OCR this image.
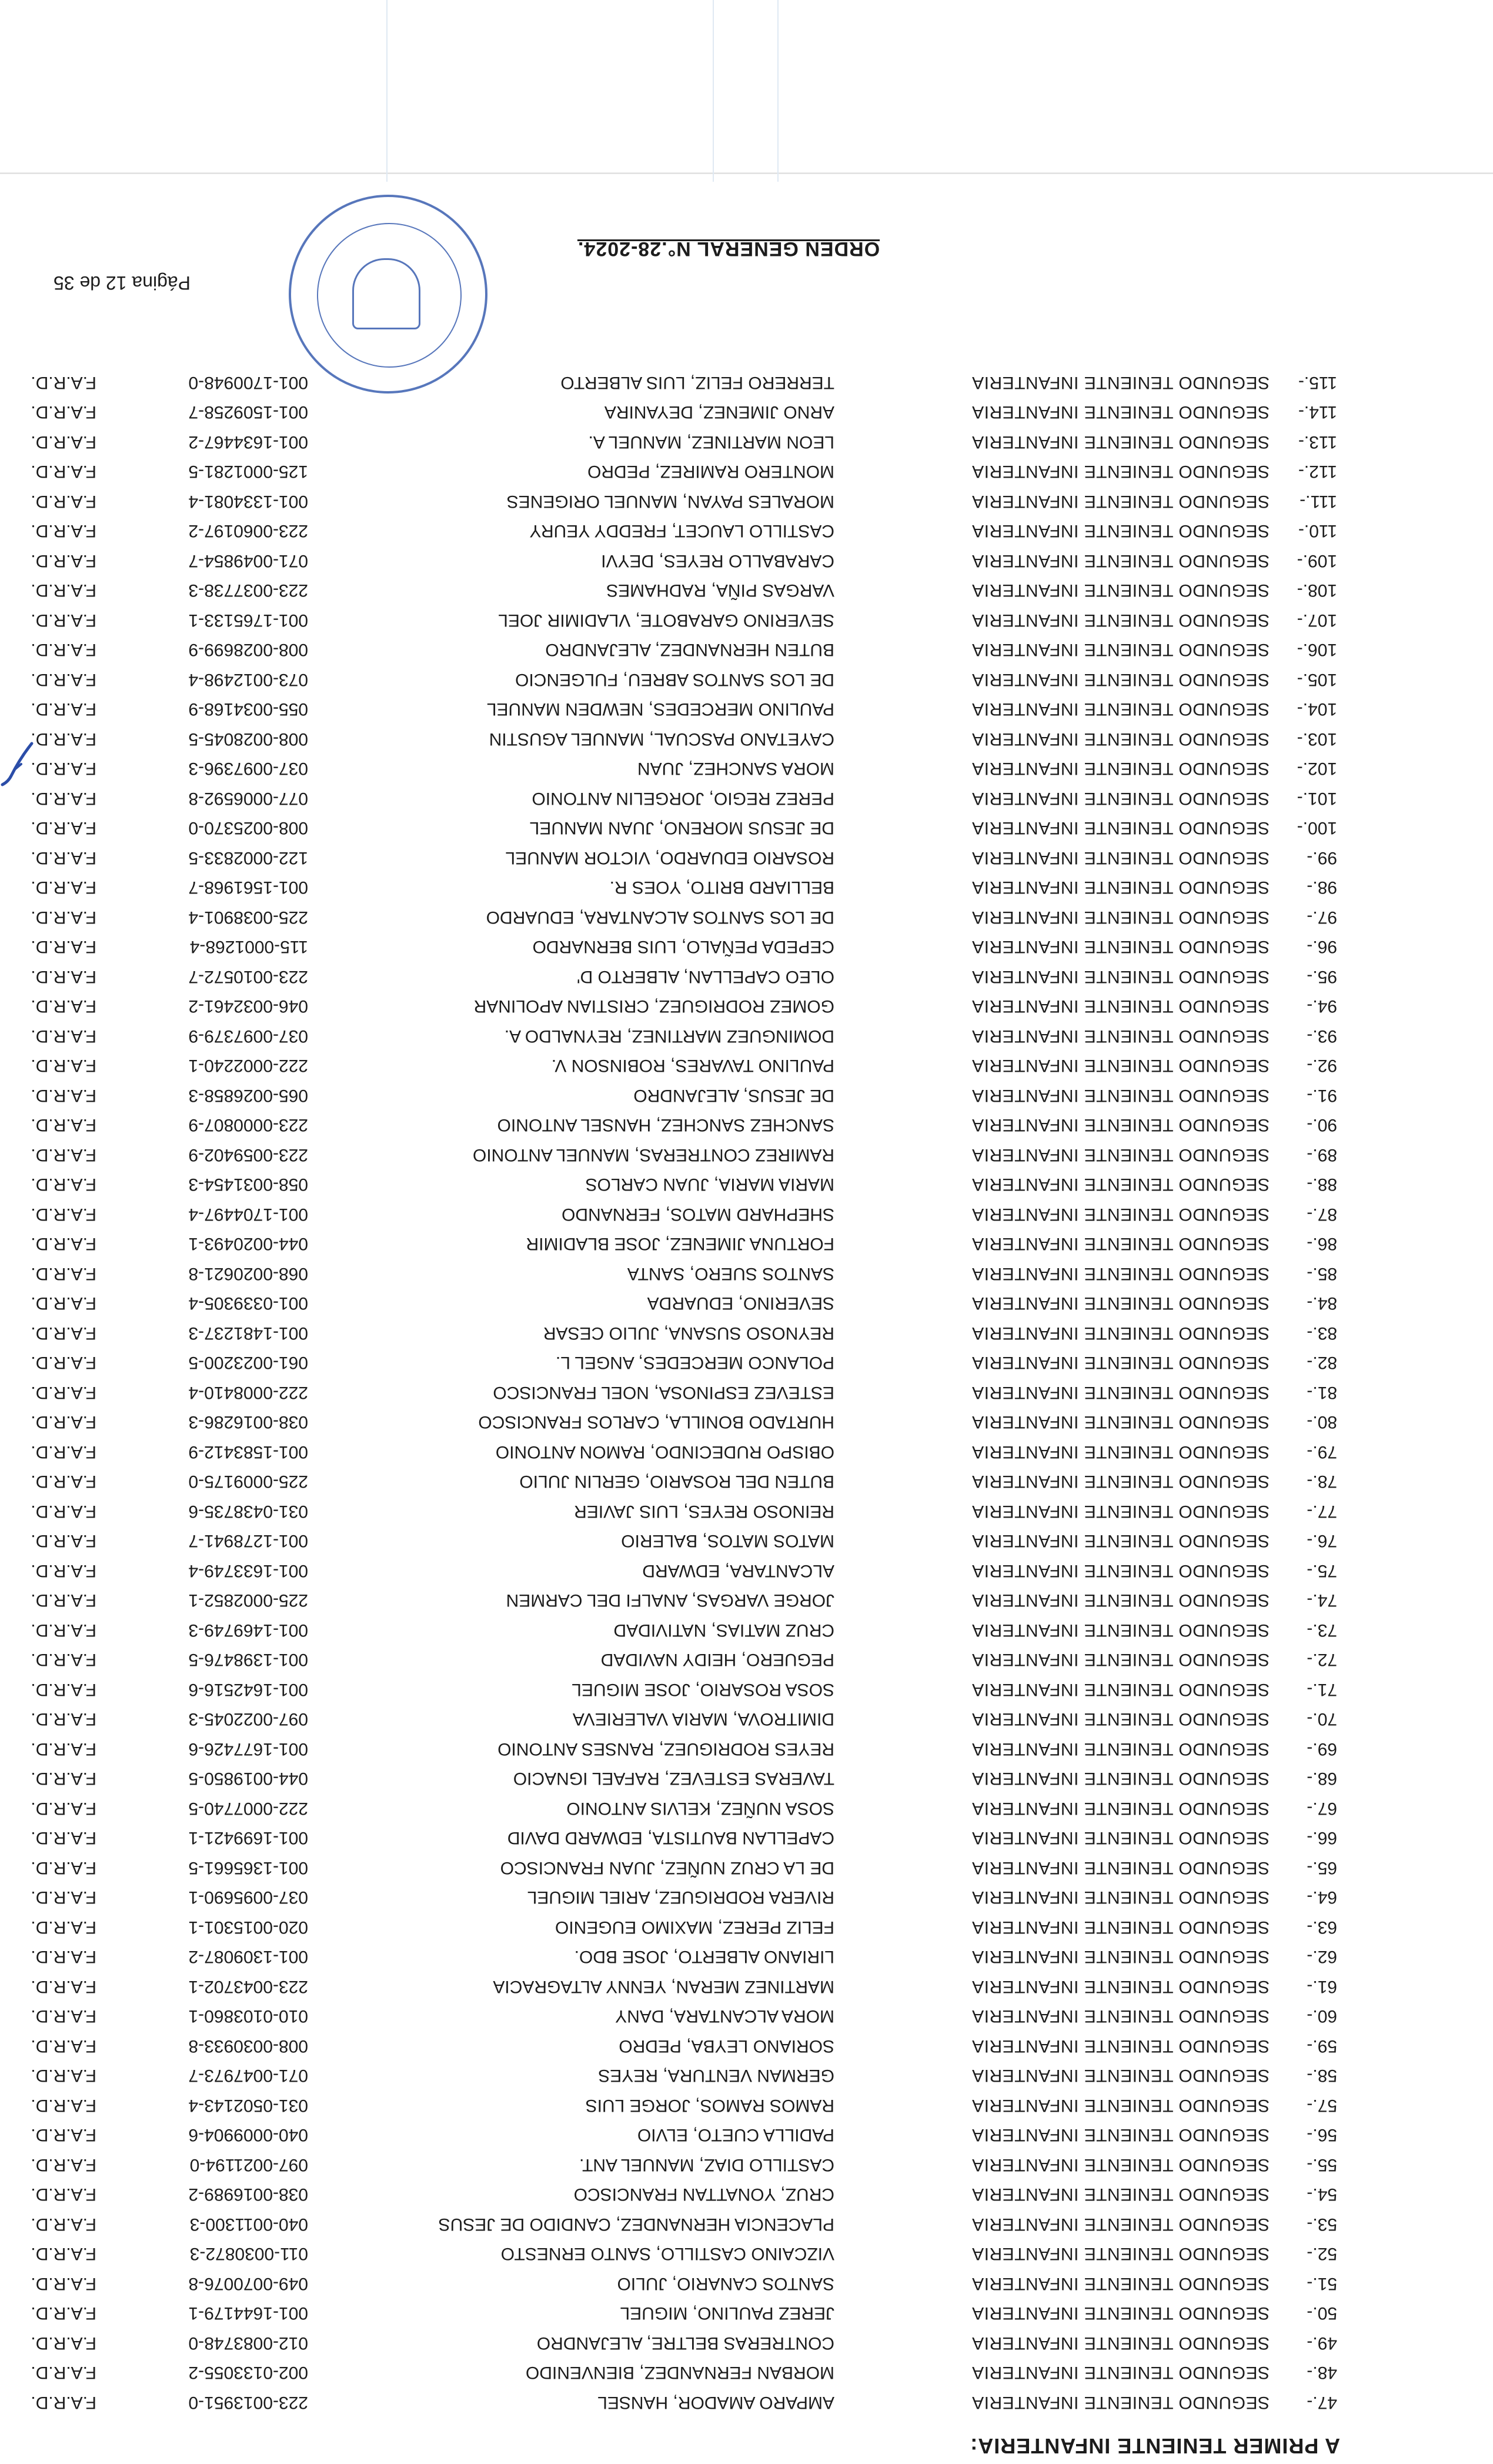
A PRIMER TENIENTE INFANTERIA:
47.-
SEGUNDO TENIENTE INFANTERIA
AMPARO AMADOR, HANSEL
223-0013951-0
F.A.R.D.
48.-
SEGUNDO TENIENTE INFANTERIA
MORBAN FERNANDEZ, BIENVENIDO
002-0133055-2
F.A.R.D.
49.-
SEGUNDO TENIENTE INFANTERIA
CONTRERAS BELTRE, ALEJANDRO
012-0083748-0
F.A.R.D.
50.-
SEGUNDO TENIENTE INFANTERIA
JEREZ PAULINO, MIGUEL
001-1644179-1
F.A.R.D.
51.-
SEGUNDO TENIENTE INFANTERIA
SANTOS CANARIO, JULIO
049-0070076-8
F.A.R.D.
52.-
SEGUNDO TENIENTE INFANTERIA
VIZCAINO CASTILLO, SANTO ERNESTO
011-0030872-3
F.A.R.D.
53.-
SEGUNDO TENIENTE INFANTERIA
PLACENCIA HERNANDEZ, CANDIDO DE JESUS
040-0011300-3
F.A.R.D.
54.-
SEGUNDO TENIENTE INFANTERIA
CRUZ, YONATTAN FRANCISCO
038-0016989-2
F.A.R.D.
55.-
SEGUNDO TENIENTE INFANTERIA
CASTILLO DIAZ, MANUEL ANT.
097-0021194-0
F.A.R.D.
56.-
SEGUNDO TENIENTE INFANTERIA
PADILLA CUETO, ELVIO
040-0009904-6
F.A.R.D.
57.-
SEGUNDO TENIENTE INFANTERIA
RAMOS RAMOS, JORGE LUIS
031-0502143-4
F.A.R.D.
58.-
SEGUNDO TENIENTE INFANTERIA
GERMAN VENTURA, REYES
071-0047973-7
F.A.R.D.
59.-
SEGUNDO TENIENTE INFANTERIA
SORIANO LEYBA, PEDRO
008-0030933-8
F.A.R.D.
60.-
SEGUNDO TENIENTE INFANTERIA
MORA ALCANTARA, DANY
010-0103860-1
F.A.R.D.
61.-
SEGUNDO TENIENTE INFANTERIA
MARTINEZ MERAN, YENNY ALTAGRACIA
223-0043702-1
F.A.R.D.
62.-
SEGUNDO TENIENTE INFANTERIA
LIRIANO ALBERTO, JOSE BDO.
001-1309087-2
F.A.R.D.
63.-
SEGUNDO TENIENTE INFANTERIA
FELIZ PEREZ, MAXIMO EUGENIO
020-0015301-1
F.A.R.D.
64.-
SEGUNDO TENIENTE INFANTERIA
RIVERA RODRIGUEZ, ARIEL MIGUEL
037-0095690-1
F.A.R.D.
65.-
SEGUNDO TENIENTE INFANTERIA
DE LA CRUZ NUÑEZ, JUAN FRANCISCO
001-1365661-5
F.A.R.D.
66.-
SEGUNDO TENIENTE INFANTERIA
CAPELLAN BAUTISTA, EDWARD DAVID
001-1699421-1
F.A.R.D.
67.-
SEGUNDO TENIENTE INFANTERIA
SOSA NUÑEZ, KELVIS ANTONIO
222-0007740-5
F.A.R.D.
68.-
SEGUNDO TENIENTE INFANTERIA
TAVERAS ESTEVEZ, RAFAEL IGNACIO
044-0019850-5
F.A.R.D.
69.-
SEGUNDO TENIENTE INFANTERIA
REYES RODRIGUEZ, RANSES ANTONIO
001-1677426-6
F.A.R.D.
70.-
SEGUNDO TENIENTE INFANTERIA
DIMITROVA, MARIA VALERIEVA
097-0022045-3
F.A.R.D.
71.-
SEGUNDO TENIENTE INFANTERIA
SOSA ROSARIO, JOSE MIGUEL
001-1642516-6
F.A.R.D.
72.-
SEGUNDO TENIENTE INFANTERIA
PEGUERO, HEIDY NAVIDAD
001-1398476-5
F.A.R.D.
73.-
SEGUNDO TENIENTE INFANTERIA
CRUZ MATIAS, NATIVIDAD
001-1469749-3
F.A.R.D.
74.-
SEGUNDO TENIENTE INFANTERIA
JORGE VARGAS, ANALFI DEL CARMEN
225-0002852-1
F.A.R.D.
75.-
SEGUNDO TENIENTE INFANTERIA
ALCANTARA, EDWARD
001-1633749-4
F.A.R.D.
76.-
SEGUNDO TENIENTE INFANTERIA
MATOS MATOS, BALERIO
001-1278941-7
F.A.R.D.
77.-
SEGUNDO TENIENTE INFANTERIA
REINOSO REYES, LUIS JAVIER
031-0438735-6
F.A.R.D.
78.-
SEGUNDO TENIENTE INFANTERIA
BUTEN DEL ROSARIO, GERLIN JULIO
225-0009175-0
F.A.R.D.
79.-
SEGUNDO TENIENTE INFANTERIA
OBISPO RUDECINDO, RAMON ANTONIO
001-1583412-9
F.A.R.D.
80.-
SEGUNDO TENIENTE INFANTERIA
HURTADO BONILLA, CARLOS FRANCISCO
038-0016286-3
F.A.R.D.
81.-
SEGUNDO TENIENTE INFANTERIA
ESTEVEZ ESPINOSA, NOEL FRANCISCO
222-0008410-4
F.A.R.D.
82.-
SEGUNDO TENIENTE INFANTERIA
POLANCO MERCEDES, ANGEL L.
061-0023200-5
F.A.R.D.
83.-
SEGUNDO TENIENTE INFANTERIA
REYNOSO SUSANA, JULIO CESAR
001-1481237-3
F.A.R.D.
84.-
SEGUNDO TENIENTE INFANTERIA
SEVERINO, EDUARDA
001-0339305-4
F.A.R.D.
85.-
SEGUNDO TENIENTE INFANTERIA
SANTOS SUERO, SANTA
068-0020621-8
F.A.R.D.
86.-
SEGUNDO TENIENTE INFANTERIA
FORTUNA JIMENEZ, JOSE BLADIMIR
044-0020493-1
F.A.R.D.
87.-
SEGUNDO TENIENTE INFANTERIA
SHEPHARD MATOS, FERNANDO
001-1704497-4
F.A.R.D.
88.-
SEGUNDO TENIENTE INFANTERIA
MARIA MARIA, JUAN CARLOS
058-0031454-3
F.A.R.D.
89.-
SEGUNDO TENIENTE INFANTERIA
RAMIREZ CONTRERAS, MANUEL ANTONIO
223-0059402-9
F.A.R.D.
90.-
SEGUNDO TENIENTE INFANTERIA
SANCHEZ SANCHEZ, HANSEL ANTONIO
223-0000807-9
F.A.R.D.
91.-
SEGUNDO TENIENTE INFANTERIA
DE JESUS, ALEJANDRO
065-0026858-3
F.A.R.D.
92.-
SEGUNDO TENIENTE INFANTERIA
PAULINO TAVARES, ROBINSON V.
222-0002240-1
F.A.R.D.
93.-
SEGUNDO TENIENTE INFANTERIA
DOMINGUEZ MARTINEZ, REYNALDO A.
037-0097379-9
F.A.R.D.
94.-
SEGUNDO TENIENTE INFANTERIA
GOMEZ RODRIGUEZ, CRISTIAN APOLINAR
046-0032461-2
F.A.R.D.
95.-
SEGUNDO TENIENTE INFANTERIA
OLEO CAPELLAN, ALBERTO D'
223-0010572-7
F.A.R.D.
96.-
SEGUNDO TENIENTE INFANTERIA
CEPEDA PEÑALO, LUIS BERNARDO
115-0001268-4
F.A.R.D.
97.-
SEGUNDO TENIENTE INFANTERIA
DE LOS SANTOS ALCANTARA, EDUARDO
225-0038901-4
F.A.R.D.
98.-
SEGUNDO TENIENTE INFANTERIA
BELLIARD BRITO, YOES R.
001-1561968-7
F.A.R.D.
99.-
SEGUNDO TENIENTE INFANTERIA
ROSARIO EDUARDO, VICTOR MANUEL
122-0002833-5
F.A.R.D.
100.-
SEGUNDO TENIENTE INFANTERIA
DE JESUS MORENO, JUAN MANUEL
008-0025370-0
F.A.R.D.
101.-
SEGUNDO TENIENTE INFANTERIA
PEREZ REGIO, JORGELIN ANTONIO
077-0006592-8
F.A.R.D.
102.-
SEGUNDO TENIENTE INFANTERIA
MORA SANCHEZ, JUAN
037-0097396-3
F.A.R.D.
103.-
SEGUNDO TENIENTE INFANTERIA
CAYETANO PASCUAL, MANUEL AGUSTIN
008-0028045-5
F.A.R.D.
104.-
SEGUNDO TENIENTE INFANTERIA
PAULINO MERCEDES, NEWDEN MANUEL
055-0034168-9
F.A.R.D.
105.-
SEGUNDO TENIENTE INFANTERIA
DE LOS SANTOS ABREU, FULGENCIO
073-0012498-4
F.A.R.D.
106.-
SEGUNDO TENIENTE INFANTERIA
BUTEN HERNANDEZ, ALEJANDRO
008-0028699-9
F.A.R.D.
107.-
SEGUNDO TENIENTE INFANTERIA
SEVERINO GARABOTE, VLADIMIR JOEL
001-1765133-1
F.A.R.D.
108.-
SEGUNDO TENIENTE INFANTERIA
VARGAS PIÑA, RADHAMES
223-0037738-3
F.A.R.D.
109.-
SEGUNDO TENIENTE INFANTERIA
CARABALLO REYES, DEYVI
071-0049854-7
F.A.R.D.
110.-
SEGUNDO TENIENTE INFANTERIA
CASTILLO LAUCET, FREDDY YEURY
223-0060197-2
F.A.R.D.
111.-
SEGUNDO TENIENTE INFANTERIA
MORALES PAYAN, MANUEL ORIGENES
001-1334081-4
F.A.R.D.
112.-
SEGUNDO TENIENTE INFANTERIA
MONTERO RAMIREZ, PEDRO
125-0001281-5
F.A.R.D.
113.-
SEGUNDO TENIENTE INFANTERIA
LEON MARTINEZ, MANUEL A.
001-1634467-2
F.A.R.D.
114.-
SEGUNDO TENIENTE INFANTERIA
ARNO JIMENEZ, DEYANIRA
001-1509258-7
F.A.R.D.
115.-
SEGUNDO TENIENTE INFANTERIA
TERRERO FELIZ, LUIS ALBERTO
001-1700948-0
F.A.R.D.
ORDEN GENERAL N°.28-2024.
Página 12 de 35
